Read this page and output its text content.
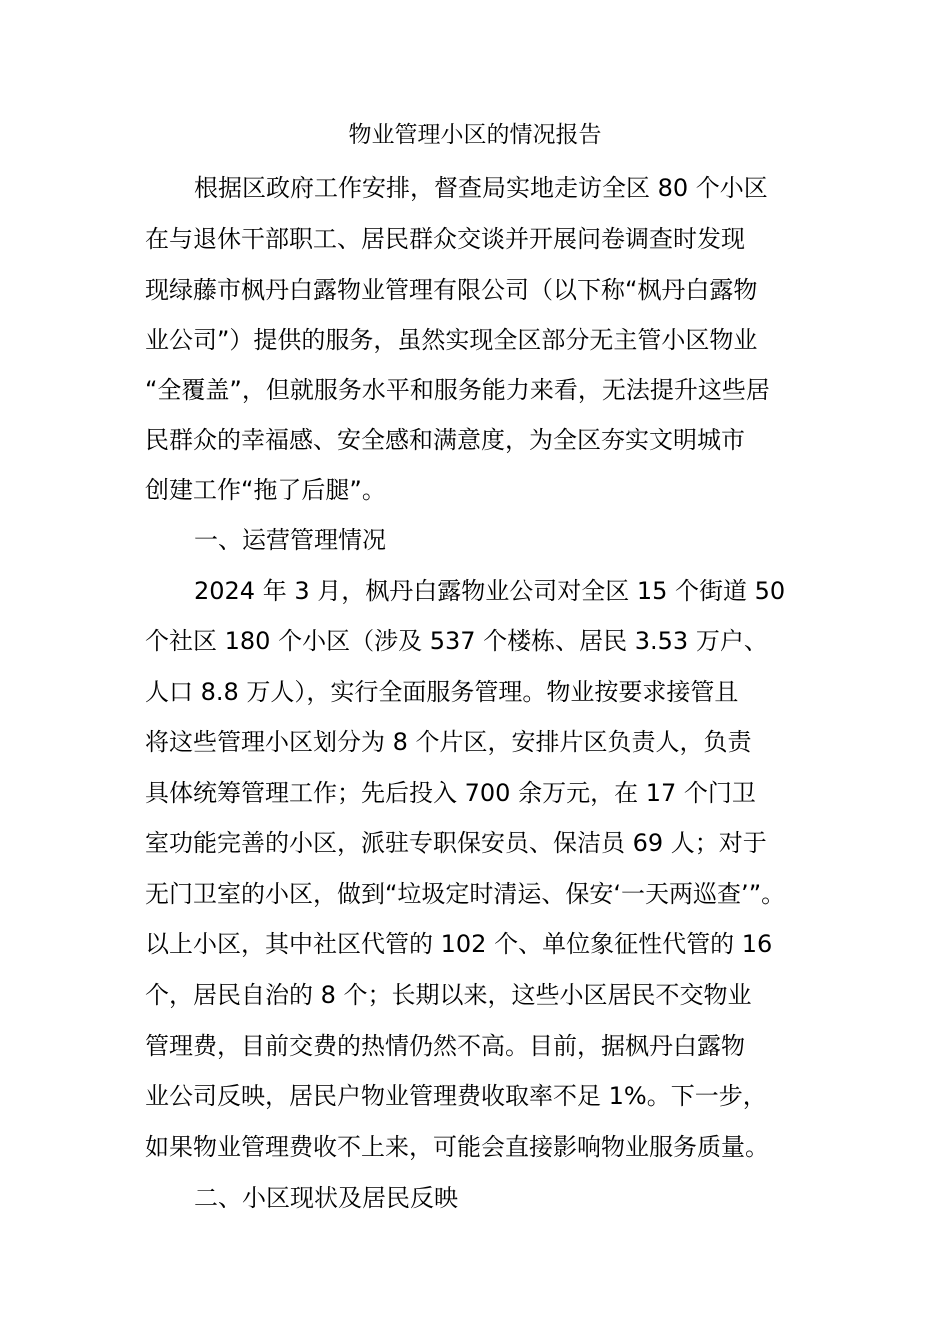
物业管理小区的情况报告
根据区政府工作安排，督查局实地走访全区 80 个小区
在与退休干部职工、居民群众交谈并开展问卷调查时发现
现绿藤市枫丹白露物业管理有限公司（以下称“枫丹白露物
业公司”）提供的服务，虽然实现全区部分无主管小区物业
“全覆盖”，但就服务水平和服务能力来看，无法提升这些居
民群众的幸福感、安全感和满意度，为全区夯实文明城市
创建工作“拖了后腿”。
一、运营管理情况
2024 年 3 月，枫丹白露物业公司对全区 15 个街道 50
个社区 180 个小区（涉及 537 个楼栋、居民 3.53 万户、
人口 8.8 万人），实行全面服务管理。物业按要求接管且
将这些管理小区划分为 8 个片区，安排片区负责人，负责
具体统筹管理工作；先后投入 700 余万元，在 17 个门卫
室功能完善的小区，派驻专职保安员、保洁员 69 人；对于
无门卫室的小区，做到“垃圾定时清运、保安‘一天两巡查’”。
以上小区，其中社区代管的 102 个、单位象征性代管的 16
个，居民自治的 8 个；长期以来，这些小区居民不交物业
管理费，目前交费的热情仍然不高。目前，据枫丹白露物
业公司反映，居民户物业管理费收取率不足 1%。下一步，
如果物业管理费收不上来，可能会直接影响物业服务质量。
二、小区现状及居民反映
